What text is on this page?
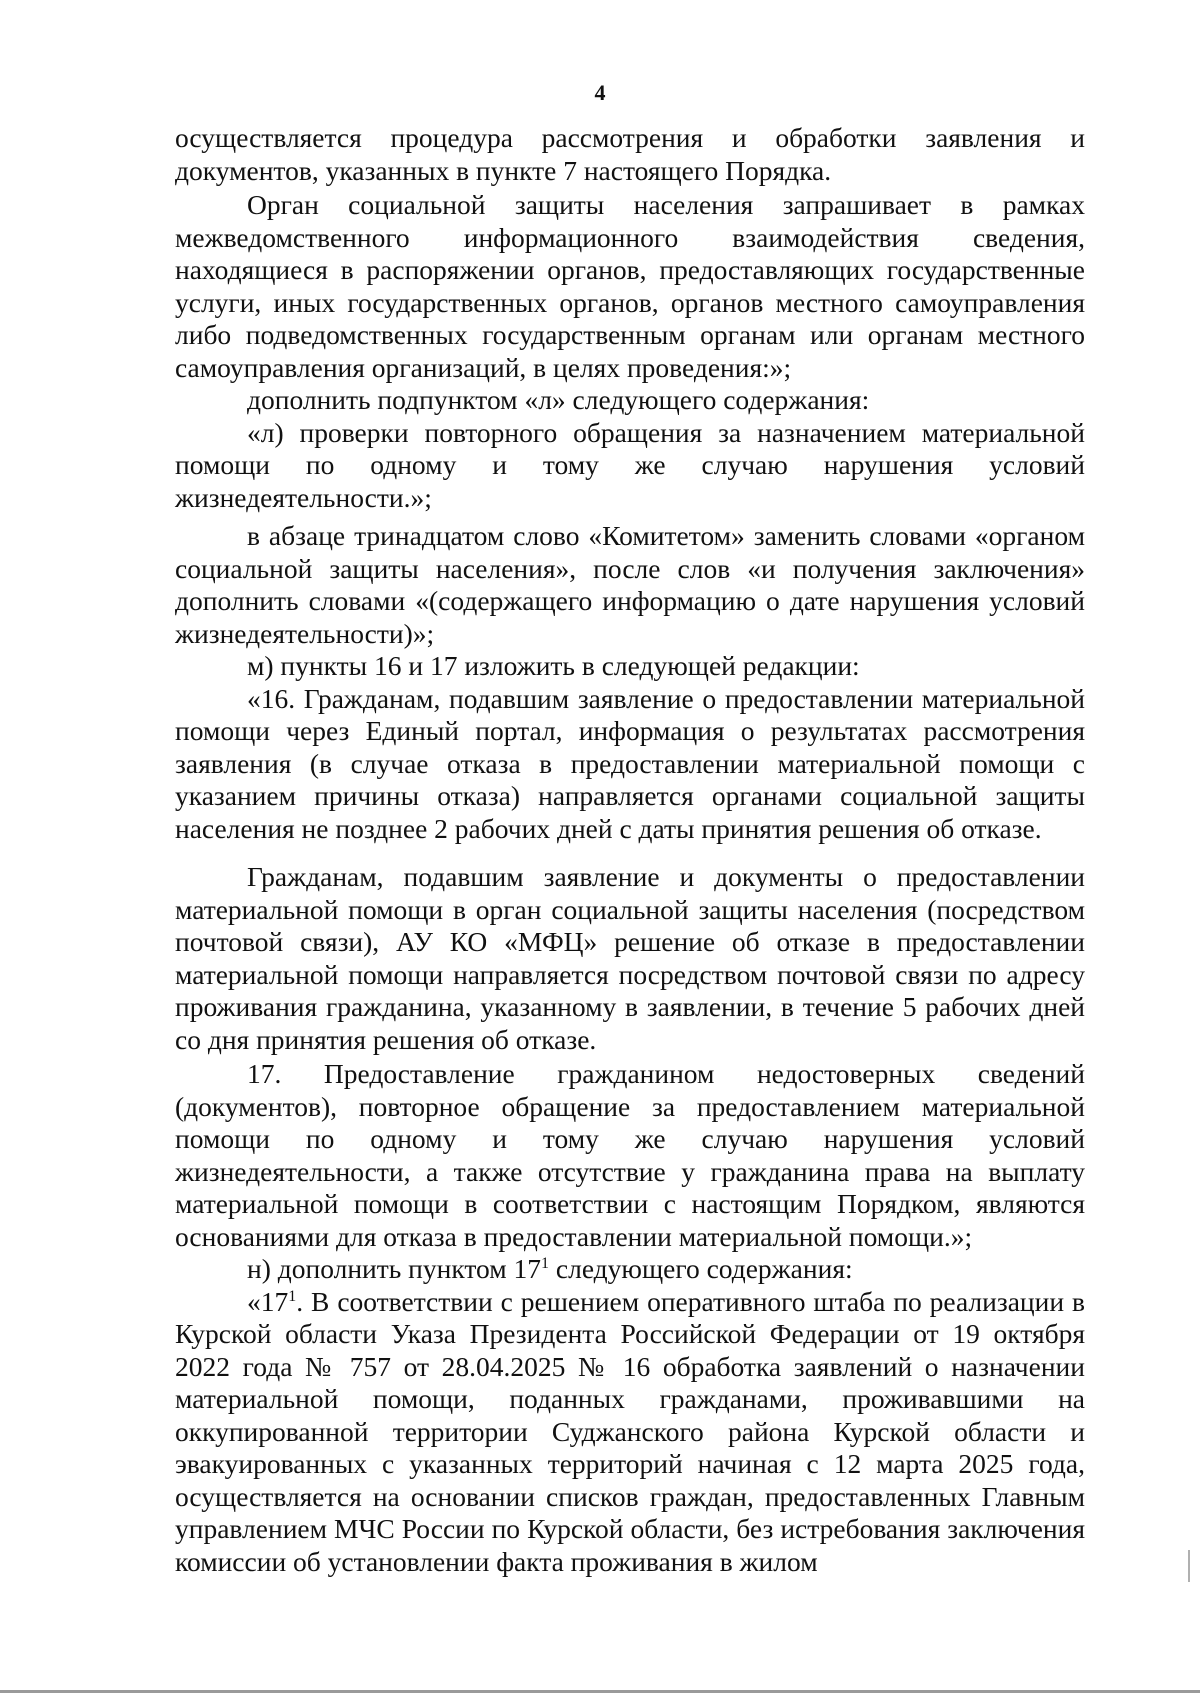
4

осуществляется процедура рассмотрения и обработки заявления и документов, указанных в пункте 7 настоящего Порядка.

Орган социальной защиты населения запрашивает в рамках межведомственного информационного взаимодействия сведения, находящиеся в распоряжении органов, предоставляющих государственные услуги, иных государственных органов, органов местного самоуправления либо подведомственных государственным органам или органам местного самоуправления организаций, в целях проведения:»;

дополнить подпунктом «л» следующего содержания:

«л) проверки повторного обращения за назначением материальной помощи по одному и тому же случаю нарушения условий жизнедеятельности.»;

в абзаце тринадцатом слово «Комитетом» заменить словами «органом социальной защиты населения», после слов «и получения заключения» дополнить словами «(содержащего информацию о дате нарушения условий жизнедеятельности)»;

м) пункты 16 и 17 изложить в следующей редакции:

«16. Гражданам, подавшим заявление о предоставлении материальной помощи через Единый портал, информация о результатах рассмотрения заявления (в случае отказа в предоставлении материальной помощи с указанием причины отказа) направляется органами социальной защиты населения не позднее 2 рабочих дней с даты принятия решения об отказе.

Гражданам, подавшим заявление и документы о предоставлении материальной помощи в орган социальной защиты населения (посредством почтовой связи), АУ КО «МФЦ» решение об отказе в предоставлении материальной помощи направляется посредством почтовой связи по адресу проживания гражданина, указанному в заявлении, в течение 5 рабочих дней со дня принятия решения об отказе.

17. Предоставление гражданином недостоверных сведений (документов), повторное обращение за предоставлением материальной помощи по одному и тому же случаю нарушения условий жизнедеятельности, а также отсутствие у гражданина права на выплату материальной помощи в соответствии с настоящим Порядком, являются основаниями для отказа в предоставлении материальной помощи.»;

н) дополнить пунктом $17^1$ следующего содержания:

«$17^1$. В соответствии с решением оперативного штаба по реализации в Курской области Указа Президента Российской Федерации от 19 октября 2022 года № 757 от 28.04.2025 № 16 обработка заявлений о назначении материальной помощи, поданных гражданами, проживавшими на оккупированной территории Суджанского района Курской области и эвакуированных с указанных территорий начиная с 12 марта 2025 года, осуществляется на основании списков граждан, предоставленных Главным управлением МЧС России по Курской области, без истребования заключения комиссии об установлении факта проживания в жилом
